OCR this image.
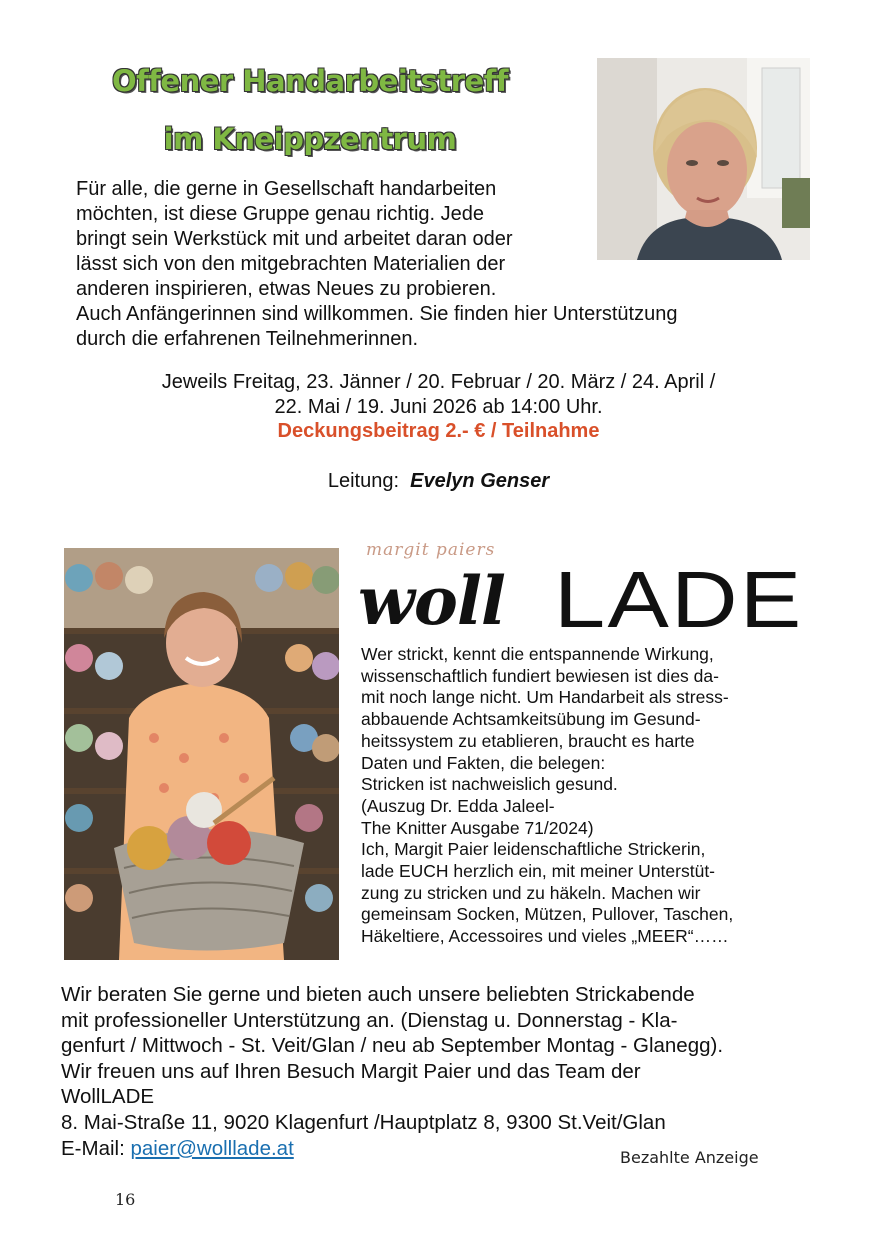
Offener Handarbeitstreff
im Kneippzentrum
Für alle, die gerne in Gesellschaft handarbeiten
möchten, ist diese Gruppe genau richtig. Jede
bringt sein Werkstück mit und arbeitet daran oder
lässt sich von den mitgebrachten Materialien der
anderen inspirieren, etwas Neues zu probieren.
Auch Anfängerinnen sind willkommen. Sie finden hier Unterstützung
durch die erfahrenen Teilnehmerinnen.
Jeweils Freitag, 23. Jänner / 20. Februar / 20. März / 24. April /
22. Mai / 19. Juni 2026 ab 14:00 Uhr.
Deckungsbeitrag 2.- € / Teilnahme
Leitung: Evelyn Genser
margit paiers
woll LADE
Wer strickt, kennt die entspannende Wirkung,
wissenschaftlich fundiert bewiesen ist dies da-
mit noch lange nicht. Um Handarbeit als stress-
abbauende Achtsamkeitsübung im Gesund-
heitssystem zu etablieren, braucht es harte
Daten und Fakten, die belegen:
Stricken ist nachweislich gesund.
(Auszug Dr. Edda Jaleel-
The Knitter Ausgabe 71/2024)
Ich, Margit Paier leidenschaftliche Strickerin,
lade EUCH herzlich ein, mit meiner Unterstüt-
zung zu stricken und zu häkeln. Machen wir
gemeinsam Socken, Mützen, Pullover, Taschen,
Häkeltiere, Accessoires und vieles „MEER“……
Wir beraten Sie gerne und bieten auch unsere beliebten Strickabende
mit professioneller Unterstützung an. (Dienstag u. Donnerstag - Kla-
genfurt / Mittwoch - St. Veit/Glan / neu ab September Montag - Glanegg).
Wir freuen uns auf Ihren Besuch Margit Paier und das Team der
WollLADE
8. Mai-Straße 11, 9020 Klagenfurt /Hauptplatz 8, 9300 St.Veit/Glan
E-Mail: paier@wolllade.at	Bezahlte Anzeige
16
